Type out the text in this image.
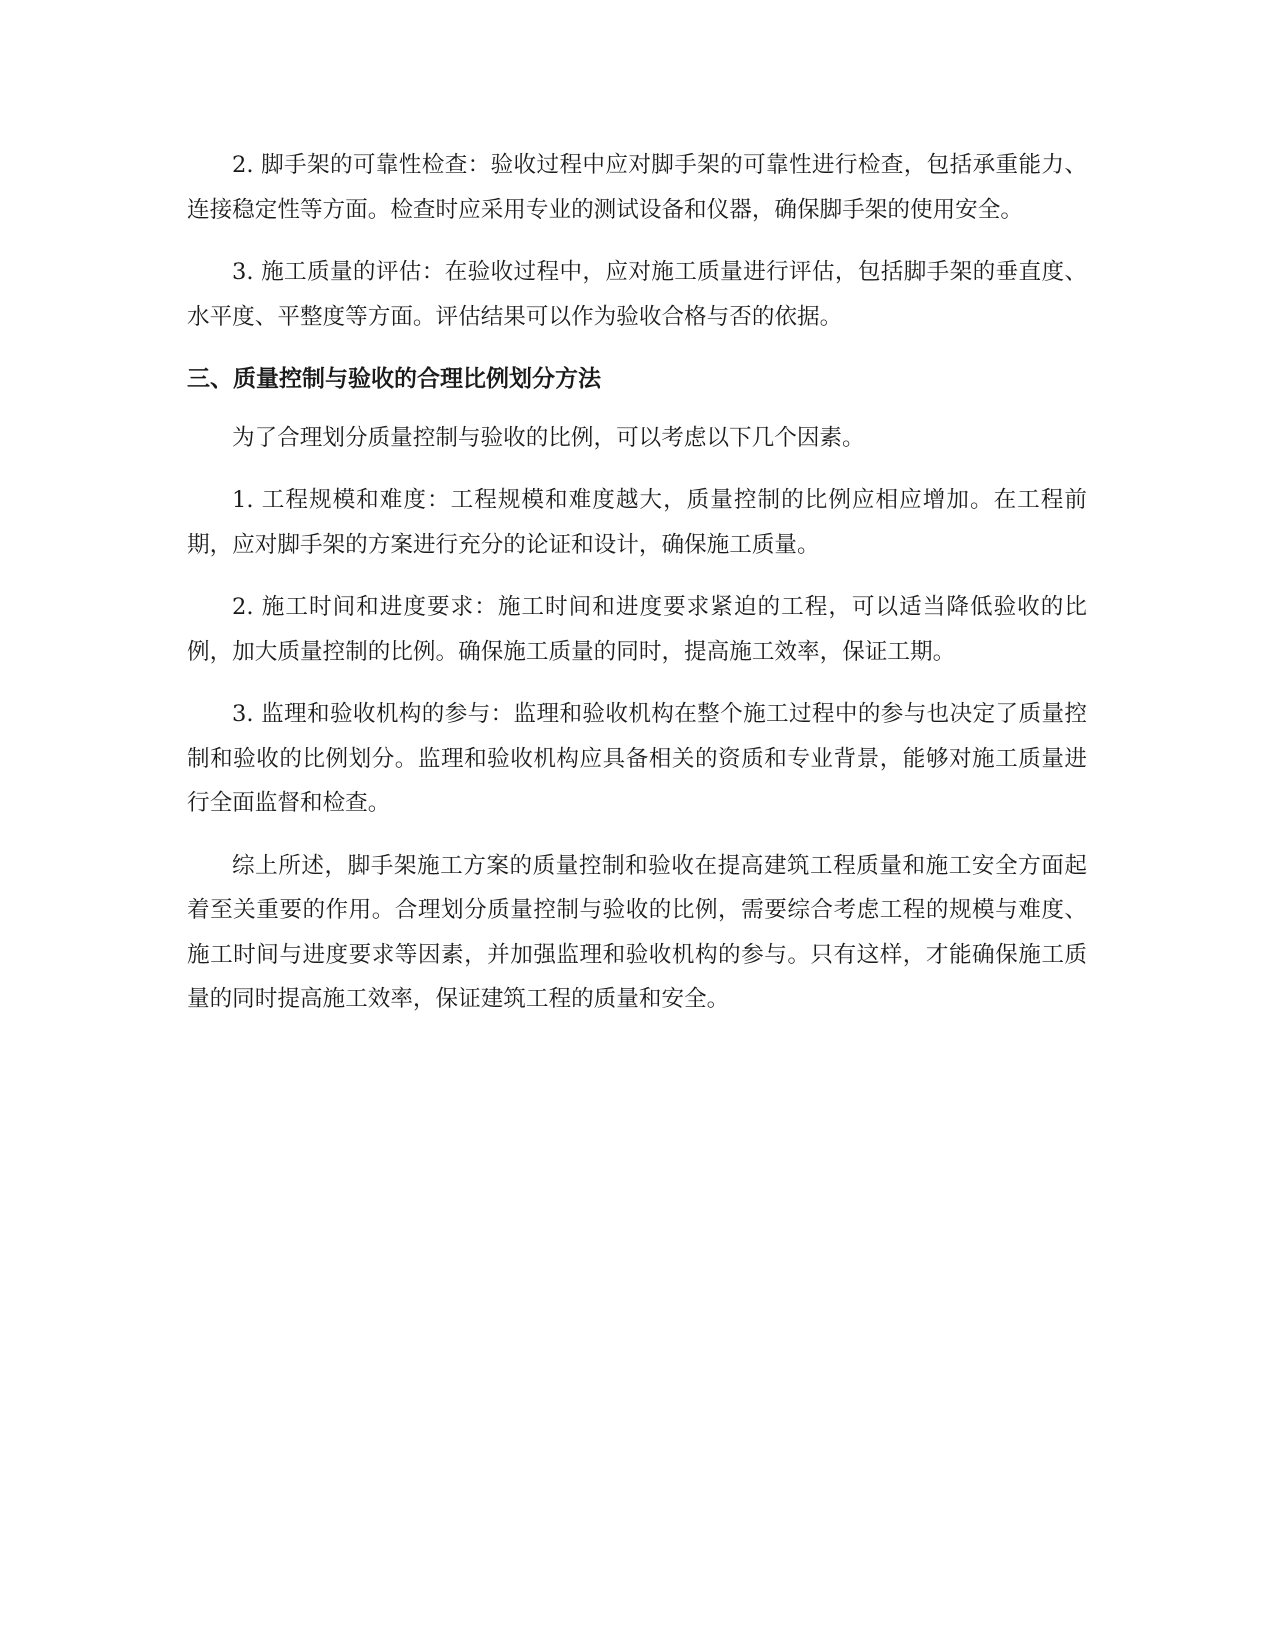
2. 脚手架的可靠性检查：验收过程中应对脚手架的可靠性进行检查，包括承重能力、连接稳定性等方面。检查时应采用专业的测试设备和仪器，确保脚手架的使用安全。

3. 施工质量的评估：在验收过程中，应对施工质量进行评估，包括脚手架的垂直度、水平度、平整度等方面。评估结果可以作为验收合格与否的依据。

三、质量控制与验收的合理比例划分方法

为了合理划分质量控制与验收的比例，可以考虑以下几个因素。

1. 工程规模和难度：工程规模和难度越大，质量控制的比例应相应增加。在工程前期，应对脚手架的方案进行充分的论证和设计，确保施工质量。

2. 施工时间和进度要求：施工时间和进度要求紧迫的工程，可以适当降低验收的比例，加大质量控制的比例。确保施工质量的同时，提高施工效率，保证工期。

3. 监理和验收机构的参与：监理和验收机构在整个施工过程中的参与也决定了质量控制和验收的比例划分。监理和验收机构应具备相关的资质和专业背景，能够对施工质量进行全面监督和检查。

综上所述，脚手架施工方案的质量控制和验收在提高建筑工程质量和施工安全方面起着至关重要的作用。合理划分质量控制与验收的比例，需要综合考虑工程的规模与难度、施工时间与进度要求等因素，并加强监理和验收机构的参与。只有这样，才能确保施工质量的同时提高施工效率，保证建筑工程的质量和安全。
